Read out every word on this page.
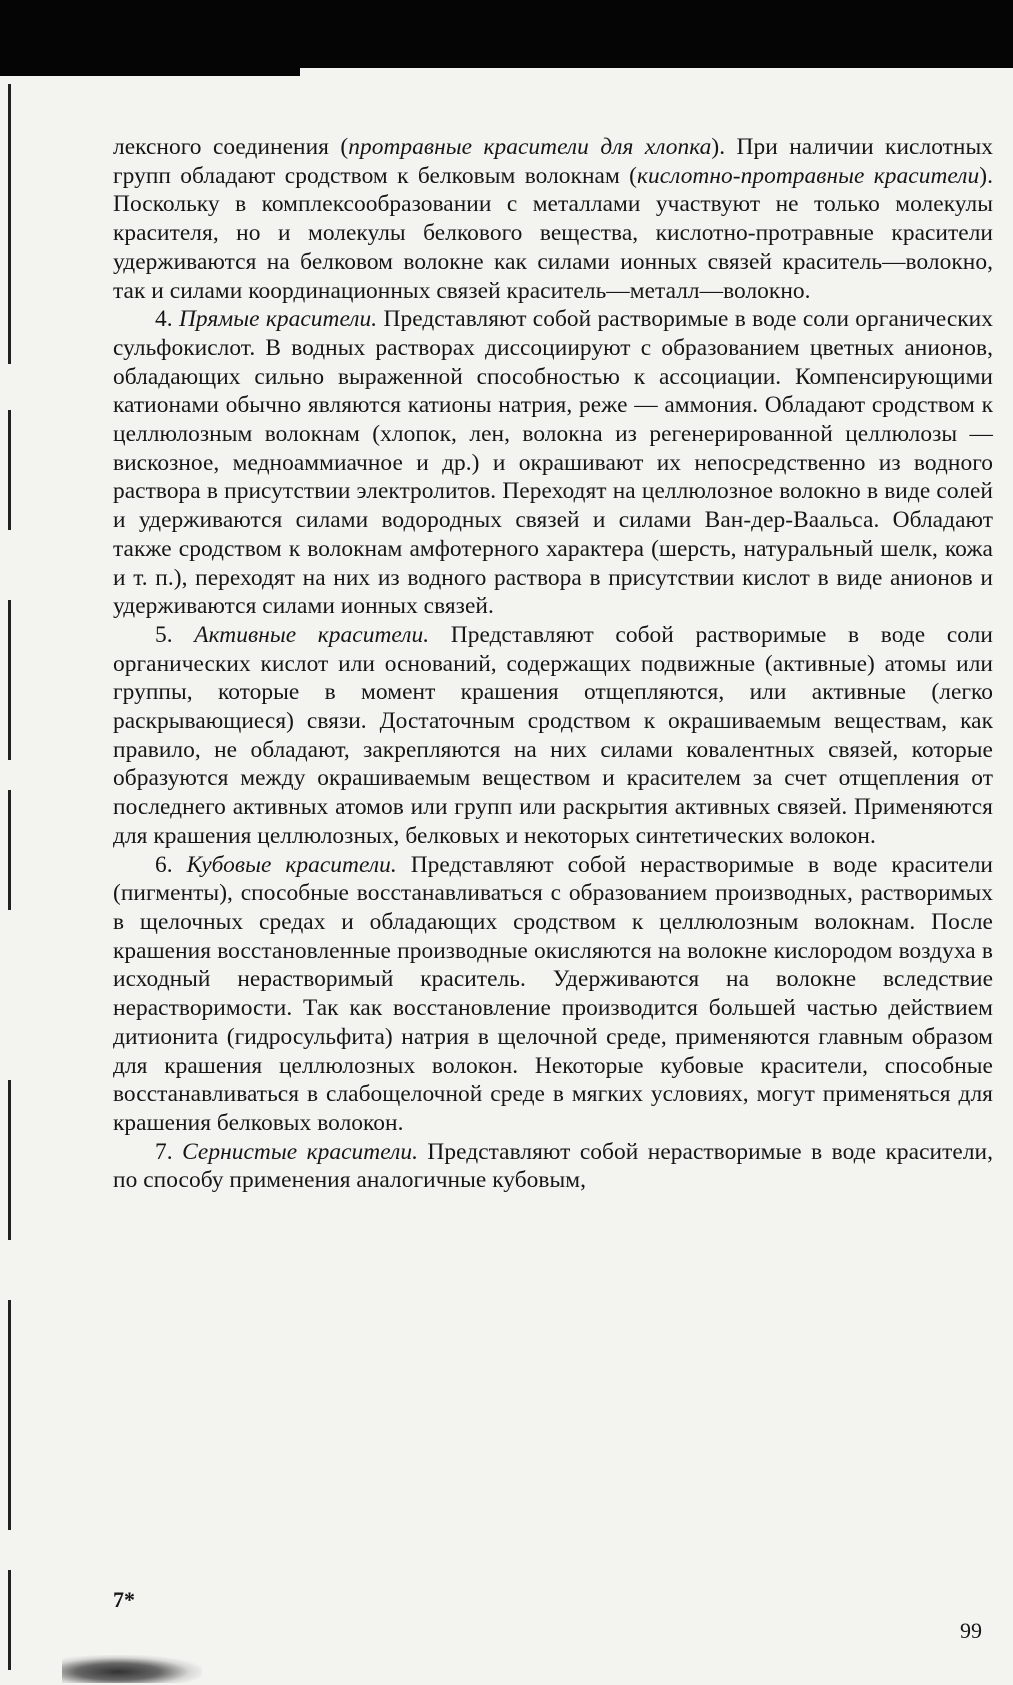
лексного соединения (протравные красители для хлопка). При наличии кислотных групп обладают сродством к белковым волокнам (кислотно-протравные красители). Поскольку в комплексообразовании с металлами участвуют не только молекулы красителя, но и молекулы белкового вещества, кислотно-протравные красители удерживаются на белковом волокне как силами ионных связей краситель—волокно, так и силами координационных связей краситель—металл—волокно.

4. Прямые красители. Представляют собой растворимые в воде соли органических сульфокислот. В водных растворах диссоциируют с образованием цветных анионов, обладающих сильно выраженной способностью к ассоциации. Компенсирующими катионами обычно являются катионы натрия, реже — аммония. Обладают сродством к целлюлозным волокнам (хлопок, лен, волокна из регенерированной целлюлозы — вискозное, медноаммиачное и др.) и окрашивают их непосредственно из водного раствора в присутствии электролитов. Переходят на целлюлозное волокно в виде солей и удерживаются силами водородных связей и силами Ван-дер-Ваальса. Обладают также сродством к волокнам амфотерного характера (шерсть, натуральный шелк, кожа и т. п.), переходят на них из водного раствора в присутствии кислот в виде анионов и удерживаются силами ионных связей.

5. Активные красители. Представляют собой растворимые в воде соли органических кислот или оснований, содержащих подвижные (активные) атомы или группы, которые в момент крашения отщепляются, или активные (легко раскрывающиеся) связи. Достаточным сродством к окрашиваемым веществам, как правило, не обладают, закрепляются на них силами ковалентных связей, которые образуются между окрашиваемым веществом и красителем за счет отщепления от последнего активных атомов или групп или раскрытия активных связей. Применяются для крашения целлюлозных, белковых и некоторых синтетических волокон.

6. Кубовые красители. Представляют собой нерастворимые в воде красители (пигменты), способные восстанавливаться с образованием производных, растворимых в щелочных средах и обладающих сродством к целлюлозным волокнам. После крашения восстановленные производные окисляются на волокне кислородом воздуха в исходный нерастворимый краситель. Удерживаются на волокне вследствие нерастворимости. Так как восстановление производится большей частью действием дитионита (гидросульфита) натрия в щелочной среде, применяются главным образом для крашения целлюлозных волокон. Некоторые кубовые красители, способные восстанавливаться в слабощелочной среде в мягких условиях, могут применяться для крашения белковых волокон.

7. Сернистые красители. Представляют собой нерастворимые в воде красители, по способу применения аналогичные кубовым,

7*
99
